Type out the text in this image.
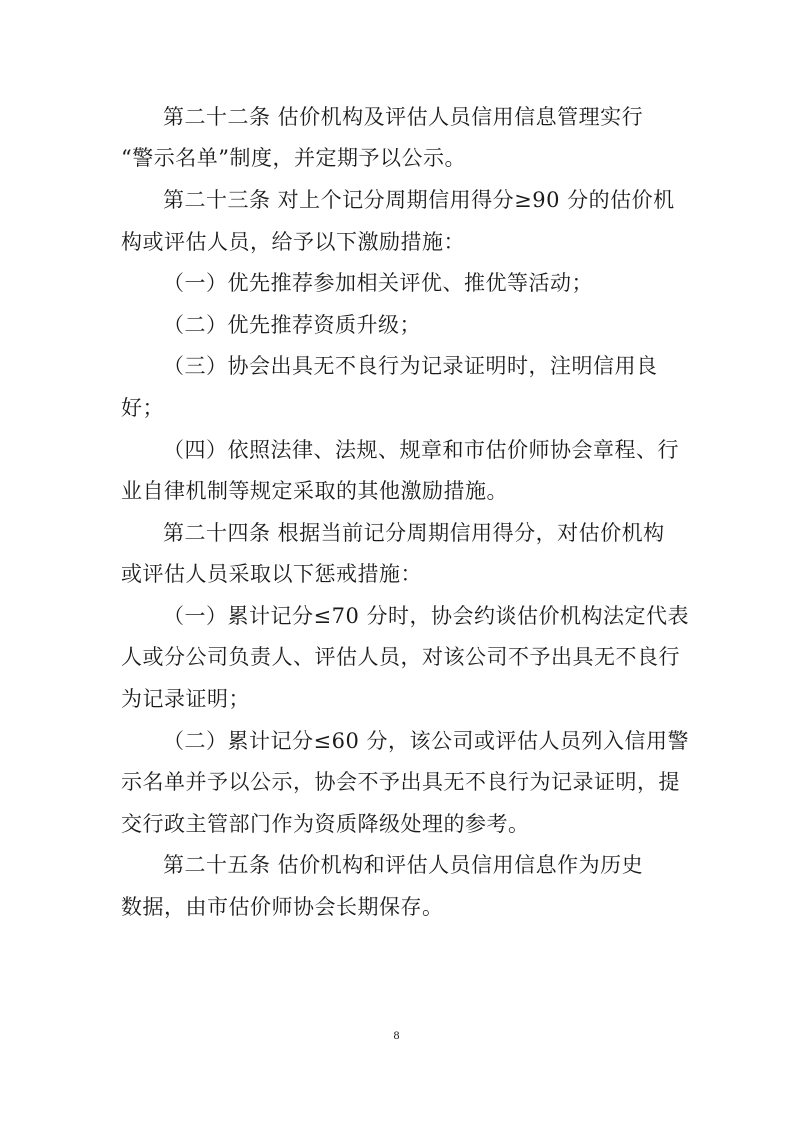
第二十二条 估价机构及评估人员信用信息管理实行
“警示名单”制度，并定期予以公示。
第二十三条 对上个记分周期信用得分≥90 分的估价机
构或评估人员，给予以下激励措施：
（一）优先推荐参加相关评优、推优等活动；
（二）优先推荐资质升级；
（三）协会出具无不良行为记录证明时，注明信用良
好；
（四）依照法律、法规、规章和市估价师协会章程、行
业自律机制等规定采取的其他激励措施。
第二十四条 根据当前记分周期信用得分，对估价机构
或评估人员采取以下惩戒措施：
（一）累计记分≤70 分时，协会约谈估价机构法定代表
人或分公司负责人、评估人员，对该公司不予出具无不良行
为记录证明；
（二）累计记分≤60 分，该公司或评估人员列入信用警
示名单并予以公示，协会不予出具无不良行为记录证明，提
交行政主管部门作为资质降级处理的参考。
第二十五条 估价机构和评估人员信用信息作为历史
数据，由市估价师协会长期保存。
8
